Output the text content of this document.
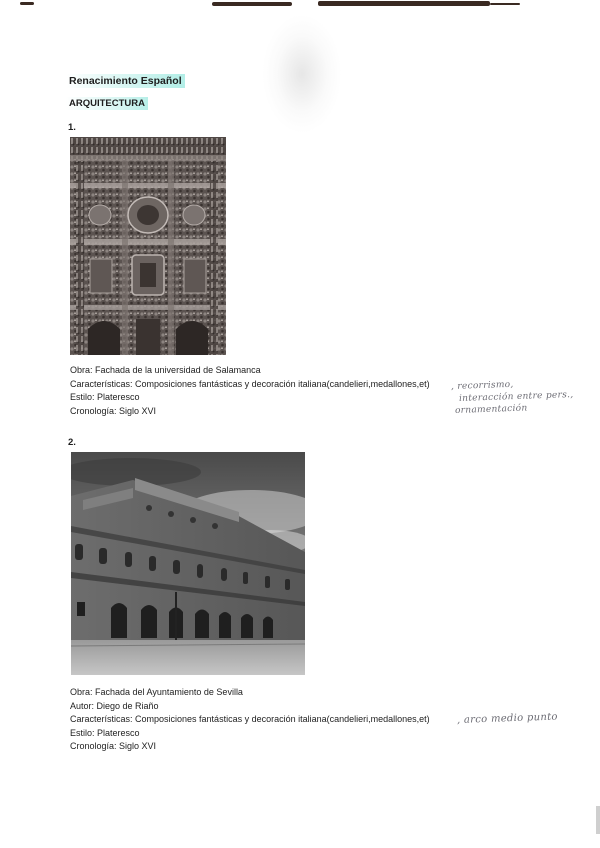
Renacimiento Español
ARQUITECTURA
1.
Obra: Fachada de la universidad de Salamanca
Características: Composiciones fantásticas y decoración italiana(candelieri,medallones,et)
Estilo: Plateresco
Cronología: Siglo XVI
, recorrismo,
interacción entre pers.,
ornamentación
2.
Obra: Fachada del Ayuntamiento de Sevilla
Autor: Diego de Riaño
Características: Composiciones fantásticas y decoración italiana(candelieri,medallones,et)
Estilo: Plateresco
Cronología: Siglo XVI
, arco medio punto
